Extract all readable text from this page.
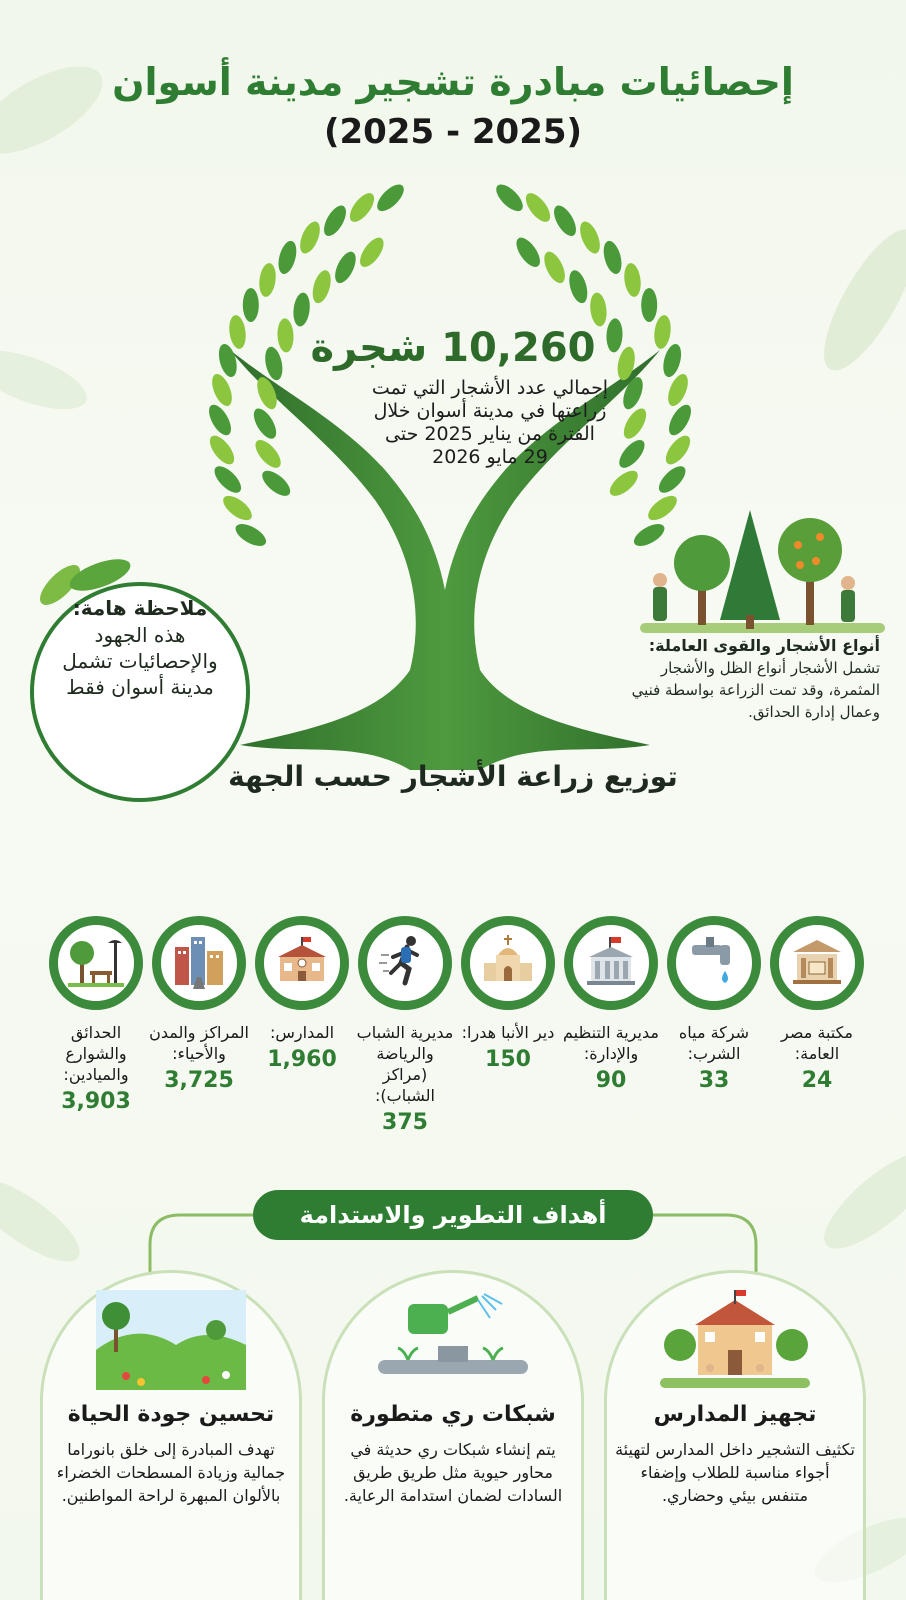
إحصائيات مبادرة تشجير مدينة أسوان
(2025 - 2025)
10,260 شجرة
إجمالي عدد الأشجار التي تمت زراعتها في مدينة أسوان خلال الفترة من يناير 2025 حتى 29 مايو 2026
ملاحظة هامة:
هذه الجهود والإحصائيات تشمل مدينة أسوان فقط
أنواع الأشجار والقوى العاملة:
تشمل الأشجار أنواع الظل والأشجار المثمرة، وقد تمت الزراعة بواسطة فنيي وعمال إدارة الحدائق.
توزيع زراعة الأشجار حسب الجهة
مكتبة مصر العامة:
24
شركة مياه الشرب:
33
مديرية التنظيم والإدارة:
90
دير الأنبا هدرا:
150
مديرية الشباب والرياضة (مراكز الشباب):
375
المدارس:
1,960
المراكز والمدن والأحياء:
3,725
الحدائق والشوارع والميادين:
3,903
أهداف التطوير والاستدامة
تجهيز المدارس
تكثيف التشجير داخل المدارس لتهيئة أجواء مناسبة للطلاب وإضفاء متنفس بيئي وحضاري.
شبكات ري متطورة
يتم إنشاء شبكات ري حديثة في محاور حيوية مثل طريق طريق السادات لضمان استدامة الرعاية.
تحسين جودة الحياة
تهدف المبادرة إلى خلق بانوراما جمالية وزيادة المسطحات الخضراء بالألوان المبهرة لراحة المواطنين.
